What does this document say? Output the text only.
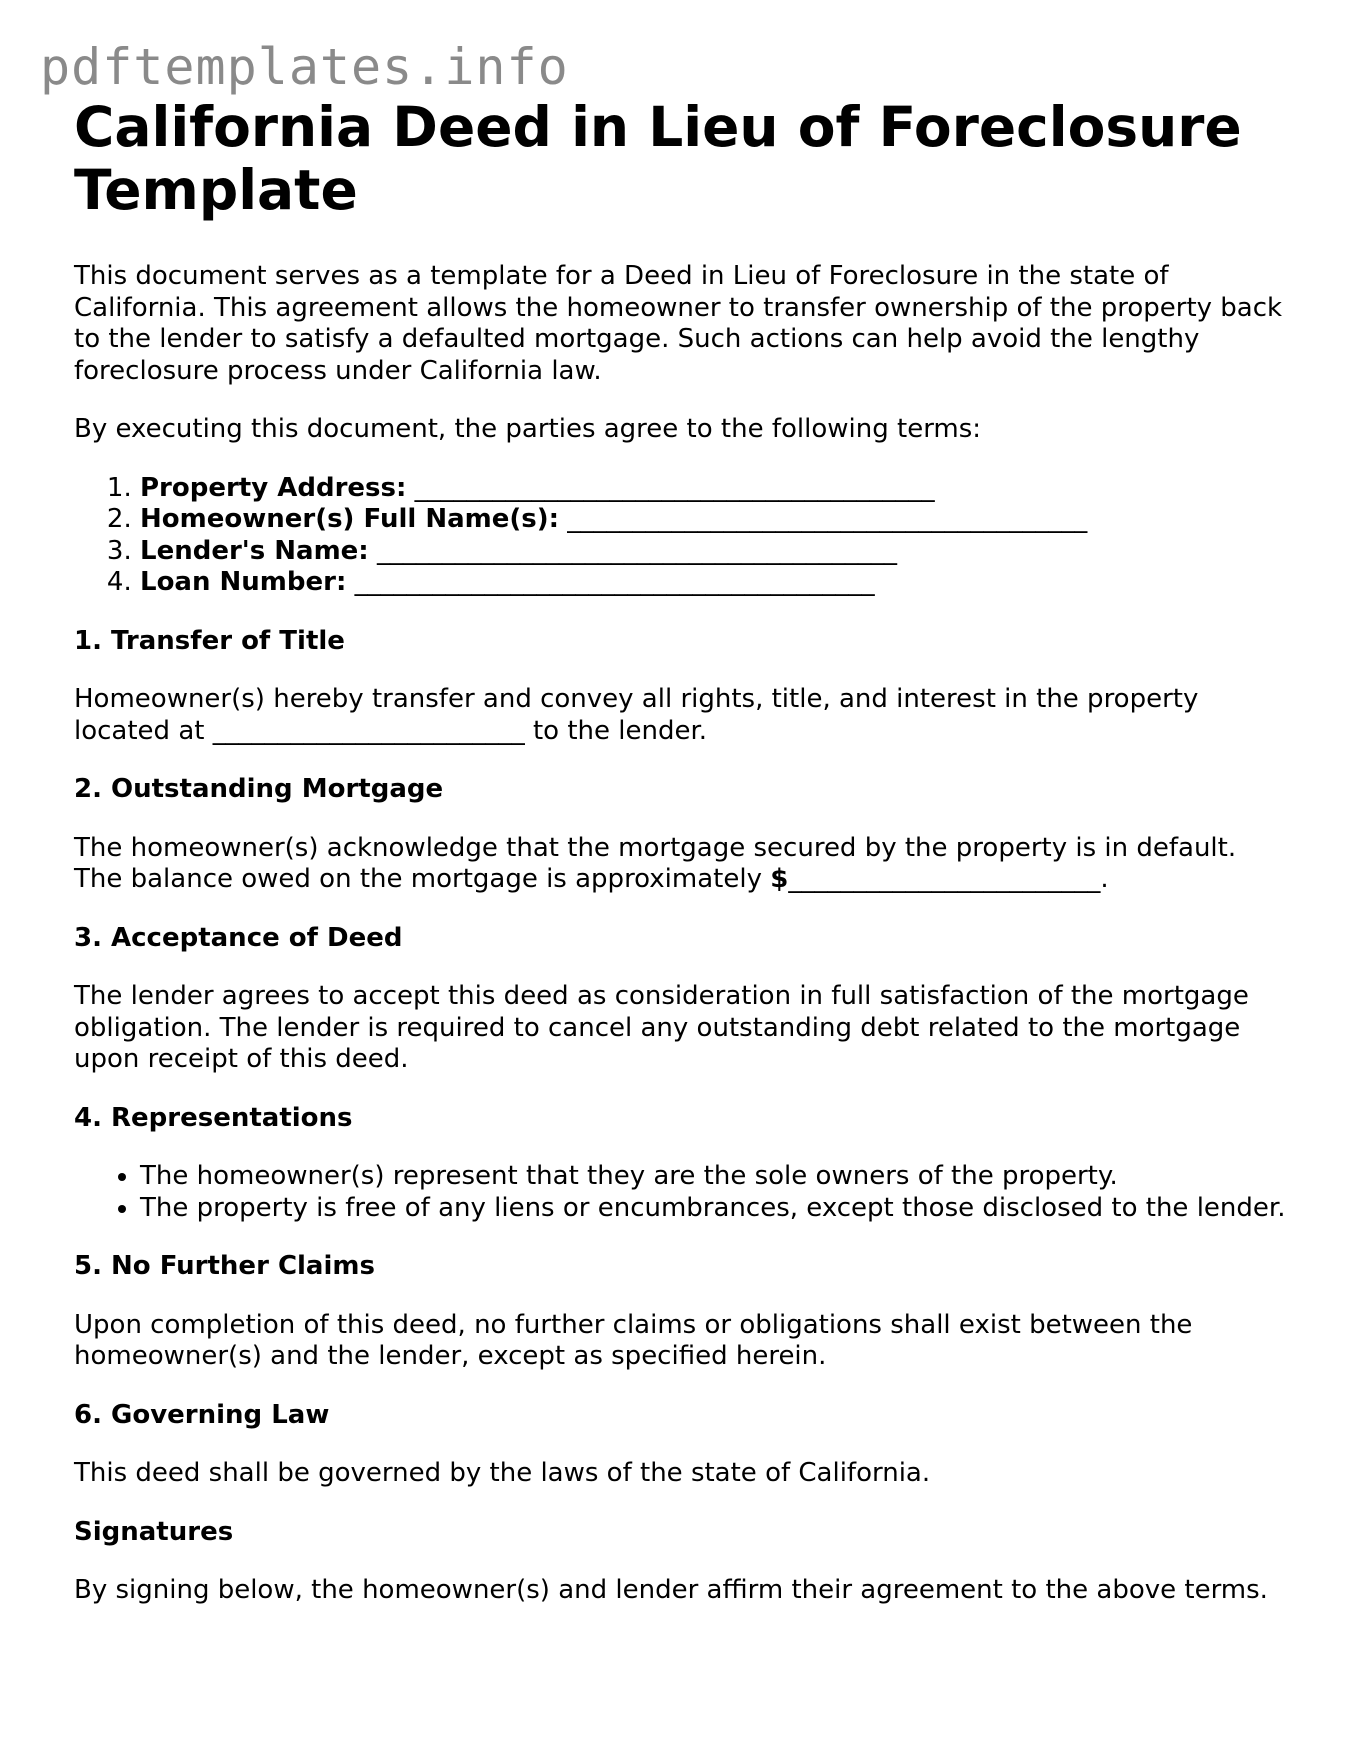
pdftemplates.info
California Deed in Lieu of Foreclosure Template

This document serves as a template for a Deed in Lieu of Foreclosure in the state of California. This agreement allows the homeowner to transfer ownership of the property back to the lender to satisfy a defaulted mortgage. Such actions can help avoid the lengthy foreclosure process under California law.

By executing this document, the parties agree to the following terms:

1. Property Address: ________________________________________
2. Homeowner(s) Full Name(s): ________________________________________
3. Lender's Name: ________________________________________
4. Loan Number: ________________________________________
1. Transfer of Title

Homeowner(s) hereby transfer and convey all rights, title, and interest in the property located at ________________________ to the lender.

2. Outstanding Mortgage

The homeowner(s) acknowledge that the mortgage secured by the property is in default. The balance owed on the mortgage is approximately $________________________.

3. Acceptance of Deed

The lender agrees to accept this deed as consideration in full satisfaction of the mortgage obligation. The lender is required to cancel any outstanding debt related to the mortgage upon receipt of this deed.

4. Representations
• The homeowner(s) represent that they are the sole owners of the property.
• The property is free of any liens or encumbrances, except those disclosed to the lender.
5. No Further Claims

Upon completion of this deed, no further claims or obligations shall exist between the homeowner(s) and the lender, except as specified herein.

6. Governing Law

This deed shall be governed by the laws of the state of California.

Signatures

By signing below, the homeowner(s) and lender affirm their agreement to the above terms.
